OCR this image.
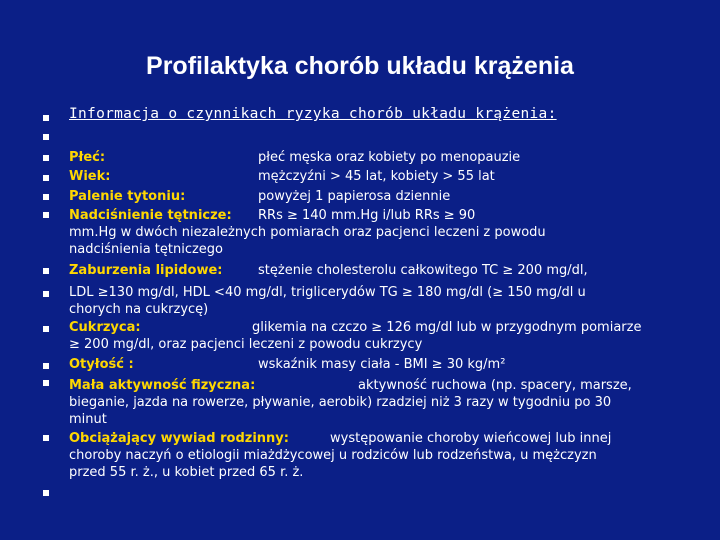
Profilaktyka chorób układu krążenia
Informacja o czynnikach ryzyka chorób układu krążenia:
Płeć:	płeć męska oraz kobiety po menopauzie
Wiek:	mężczyźni > 45 lat, kobiety > 55 lat
Palenie tytoniu:	powyżej 1 papierosa dziennie
Nadciśnienie tętnicze: RRs ≥ 140 mm.Hg i/lub RRs ≥ 90
mm.Hg w dwóch niezależnych pomiarach oraz pacjenci leczeni z powodu
nadciśnienia tętniczego
Zaburzenia lipidowe:	stężenie cholesterolu całkowitego TC ≥ 200 mg/dl,
LDL ≥130 mg/dl, HDL <40 mg/dl, triglicerydów TG ≥ 180 mg/dl (≥ 150 mg/dl u
chorych na cukrzycę)
Cukrzyca:	glikemia na czczo ≥ 126 mg/dl lub w przygodnym pomiarze
≥ 200 mg/dl, oraz pacjenci leczeni z powodu cukrzycy
Otyłość :	wskaźnik masy ciała - BMI ≥ 30 kg/m²
Mała aktywność fizyczna:	aktywność ruchowa (np. spacery, marsze,
bieganie, jazda na rowerze, pływanie, aerobik) rzadziej niż 3 razy w tygodniu po 30
minut
Obciążający wywiad rodzinny:	występowanie choroby wieńcowej lub innej
choroby naczyń o etiologii miażdżycowej u rodziców lub rodzeństwa, u mężczyzn
przed 55 r. ż., u kobiet przed 65 r. ż.
